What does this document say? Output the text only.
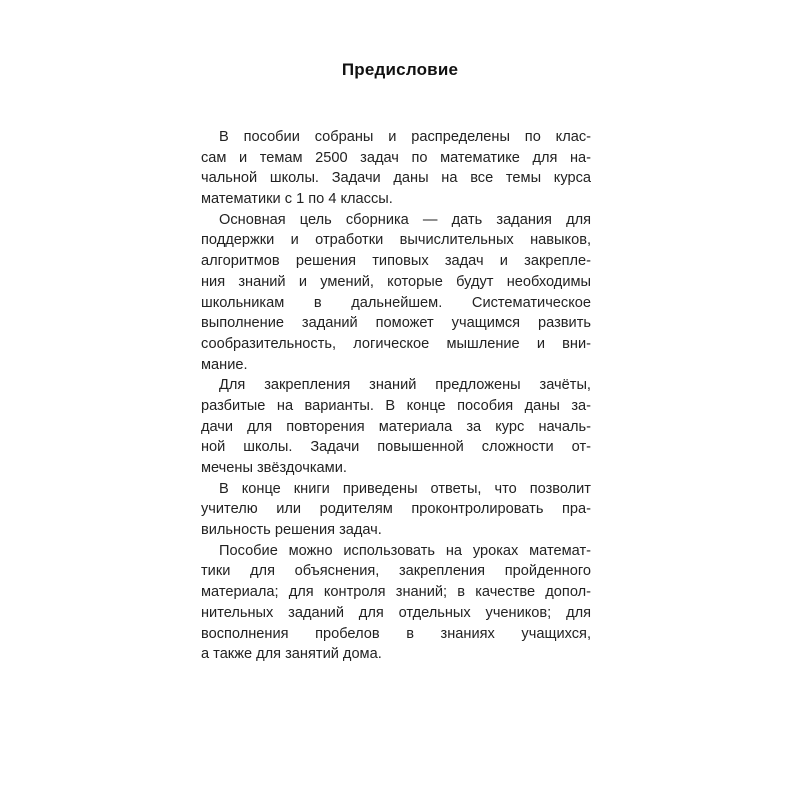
Предисловие
В пособии собраны и распределены по клас-
сам и темам 2500 задач по математике для на-
чальной школы. Задачи даны на все темы курса
математики с 1 по 4 классы.
Основная цель сборника — дать задания для
поддержки и отработки вычислительных навыков,
алгоритмов решения типовых задач и закрепле-
ния знаний и умений, которые будут необходимы
школьникам в дальнейшем. Систематическое
выполнение заданий поможет учащимся развить
сообразительность, логическое мышление и вни-
мание.
Для закрепления знаний предложены зачёты,
разбитые на варианты. В конце пособия даны за-
дачи для повторения материала за курс началь-
ной школы. Задачи повышенной сложности от-
мечены звёздочками.
В конце книги приведены ответы, что позволит
учителю или родителям проконтролировать пра-
вильность решения задач.
Пособие можно использовать на уроках математ-
тики для объяснения, закрепления пройденного
материала; для контроля знаний; в качестве допол-
нительных заданий для отдельных учеников; для
восполнения пробелов в знаниях учащихся,
а также для занятий дома.
